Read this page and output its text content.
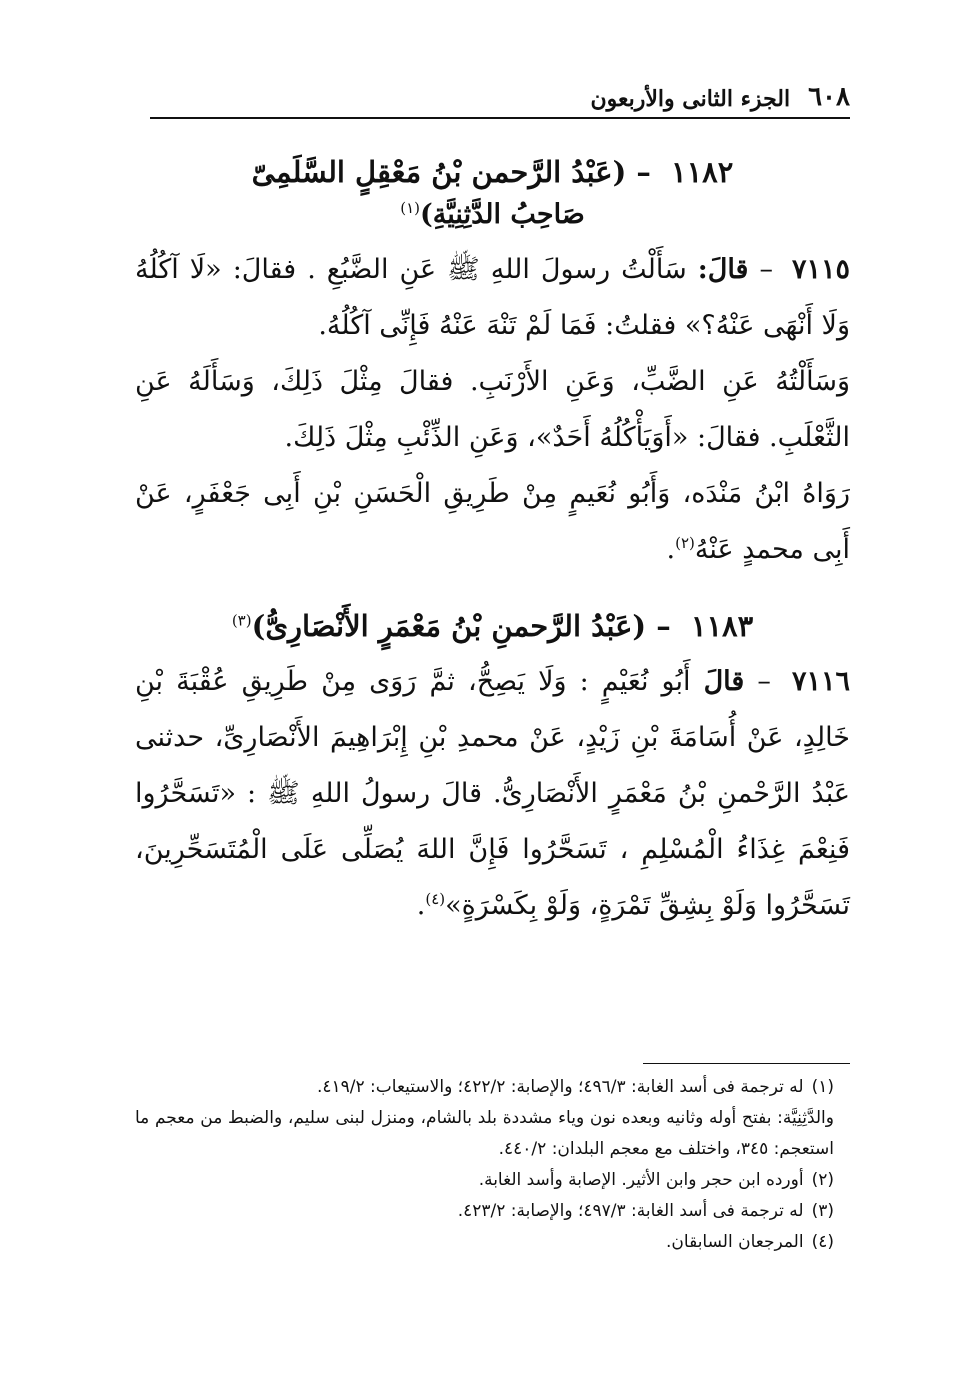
٦٠٨
الجزء الثانى والأربعون
١١٨٢ – (عَبْدُ الرَّحمن بْنُ مَعْقِلٍ السَّلَمِىّ
صَاحِبُ الدَّثِنِيَّةِ)$^{(١)}$

٧١١٥ – قالَ: سَأَلْتُ رسولَ اللهِ ﷺ عَنِ الضَّبُعِ . فقالَ: «لَا آكُلُهُ وَلَا أَنْهَى عَنْهُ؟» فقلتُ: فَمَا لَمْ تَنْهَ عَنْهُ فَإِنِّى آكُلُهُ.

وَسَأَلْتُهُ عَنِ الضَّبِّ، وَعَنِ الأَرْنَبِ. فقالَ مِثْلَ ذَلِكَ، وَسَأَلَهُ عَنِ الثَّعْلَبِ. فقالَ: «أَوَيَأْكُلُهُ أَحَدٌ»، وَعَنِ الذِّئْبِ مِثْلَ ذَلِكَ.

رَوَاهُ ابْنُ مَنْدَه، وَأَبُو نُعَيمٍ مِنْ طَرِيقِ الْحَسَنِ بْنِ أَبِى جَعْفَرٍ، عَنْ أَبِى محمدٍ عَنْهُ$^{(٢)}$.

١١٨٣ – (عَبْدُ الرَّحمنِ بْنُ مَعْمَرٍ الأَنْصَارِىُّ)$^{(٣)}$

٧١١٦ – قالَ أَبُو نُعَيْمٍ : وَلَا يَصِحُّ، ثمَّ رَوَى مِنْ طَرِيقِ عُقْبَةَ بْنِ خَالِدٍ، عَنْ أُسَامَةَ بْنِ زَيْدٍ، عَنْ محمدِ بْنِ إِبْرَاهِيمَ الأَنْصَارِىِّ، حدثنى عَبْدُ الرَّحْمنِ بْنُ مَعْمَرٍ الأَنْصَارِىُّ. قالَ رسولُ اللهِ ﷺ : «تَسَحَّرُوا فَنِعْمَ غِذَاءُ الْمُسْلِمِ ، تَسَحَّرُوا فَإِنَّ اللهَ يُصَلِّى عَلَى الْمُتَسَحِّرِينَ، تَسَحَّرُوا وَلَوْ بِشِقِّ تَمْرَةٍ، وَلَوْ بِكَسْرَةٍ»$^{(٤)}$.

(١)له ترجمة فى أسد الغابة: ٤٩٦/٣؛ والإصابة: ٤٢٢/٢؛ والاستيعاب: ٤١٩/٢.

والدَّثِنِيَّة: بفتح أوله وثانيه وبعده نون وياء مشددة بلد بالشام، ومنزل لبنى سليم، والضبط من معجم ما استعجم: ٣٤٥، واختلف مع معجم البلدان: ٤٤٠/٢.

(٢)أورده ابن حجر وابن الأثير. الإصابة وأسد الغابة.

(٣)له ترجمة فى أسد الغابة: ٤٩٧/٣؛ والإصابة: ٤٢٣/٢.

(٤)المرجعان السابقان.
